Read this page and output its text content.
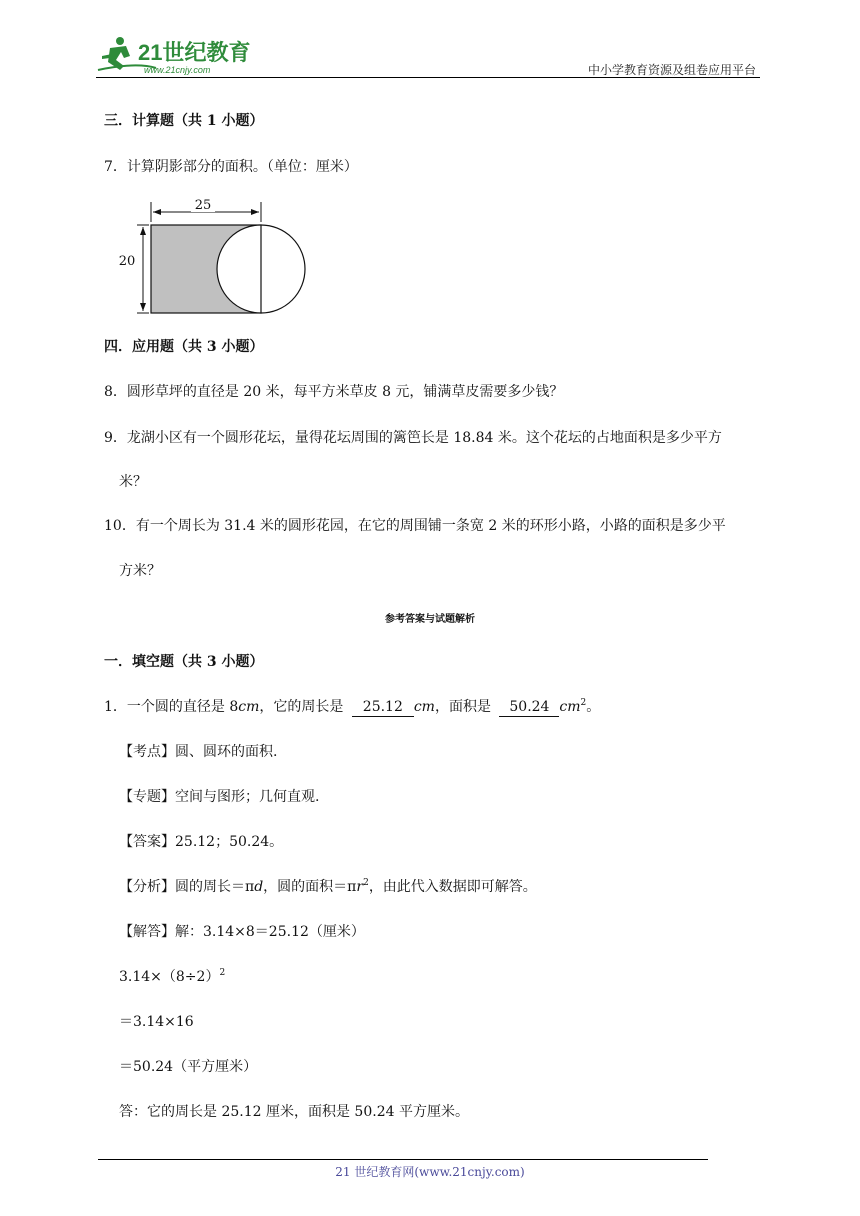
21世纪教育
www.21cnjy.com	中小学教育资源及组卷应用平台
三．计算题（共 1 小题）
7．计算阴影部分的面积。（单位：厘米）
25
20
四．应用题（共 3 小题）
8．圆形草坪的直径是 20 米，每平方米草皮 8 元，铺满草皮需要多少钱？
9．龙湖小区有一个圆形花坛，量得花坛周围的篱笆长是 18.84 米。这个花坛的占地面积是多少平方
米？
10．有一个周长为 31.4 米的圆形花园，在它的周围铺一条宽 2 米的环形小路，小路的面积是多少平
方米？
参考答案与试题解析
一．填空题（共 3 小题）
1．一个圆的直径是 8cm，它的周长是 25.12 cm，面积是 50.24 $cm^2$。
【考点】圆、圆环的面积.
【专题】空间与图形；几何直观.
【答案】25.12；50.24。
【分析】圆的周长＝πd，圆的面积$=\pi r^2$，由此代入数据即可解答。
【解答】解：3.14×8＝25.12（厘米）
$3.14\times(8\div 2)^2$
＝3.14×16
＝50.24（平方厘米）
答：它的周长是 25.12 厘米，面积是 50.24 平方厘米。
21 世纪教育网(www.21cnjy.com)
